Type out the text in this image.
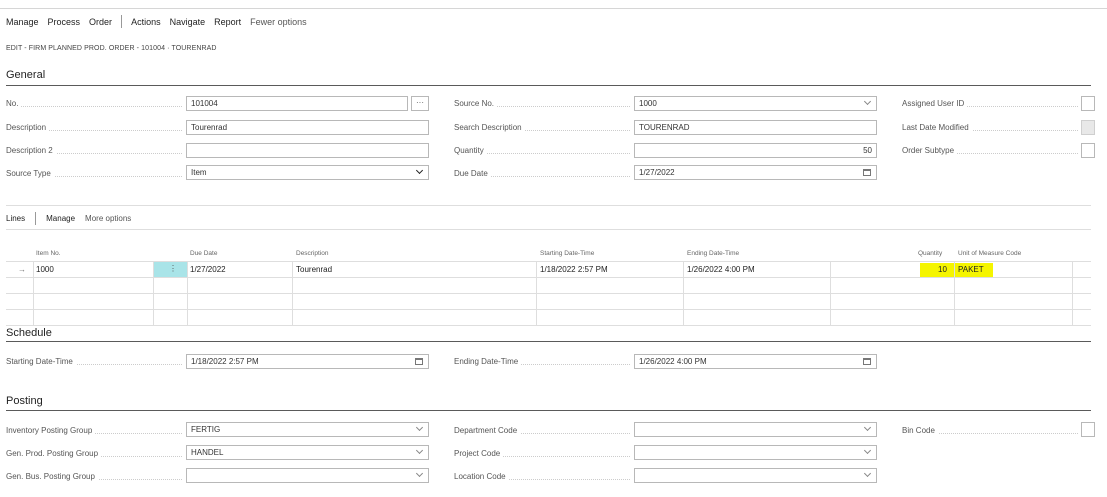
Manage Process Order Actions Navigate Report Fewer options
EDIT - FIRM PLANNED PROD. ORDER - 101004 · TOURENRAD
General
No.	101004	···
Description	Tourenrad
Description 2
Source Type	Item
Source No.	1000
Search Description	TOURENRAD
Quantity	50
Due Date	1/27/2022
Assigned User ID
Last Date Modified
Order Subtype
Lines	Manage More options
Item No.	Due Date	Description	Starting Date-Time	Ending Date-Time	Quantity Unit of Measure Code
→ 1000	⋮ 1/27/2022	Tourenrad	1/18/2022 2:57 PM	1/26/2022 4:00 PM	10 PAKET
Schedule
Starting Date-Time	1/18/2022 2:57 PM	Ending Date-Time	1/26/2022 4:00 PM
Posting
Inventory Posting Group	FERTIG
Gen. Prod. Posting Group	HANDEL
Gen. Bus. Posting Group
Department Code
Project Code
Location Code
Bin Code
